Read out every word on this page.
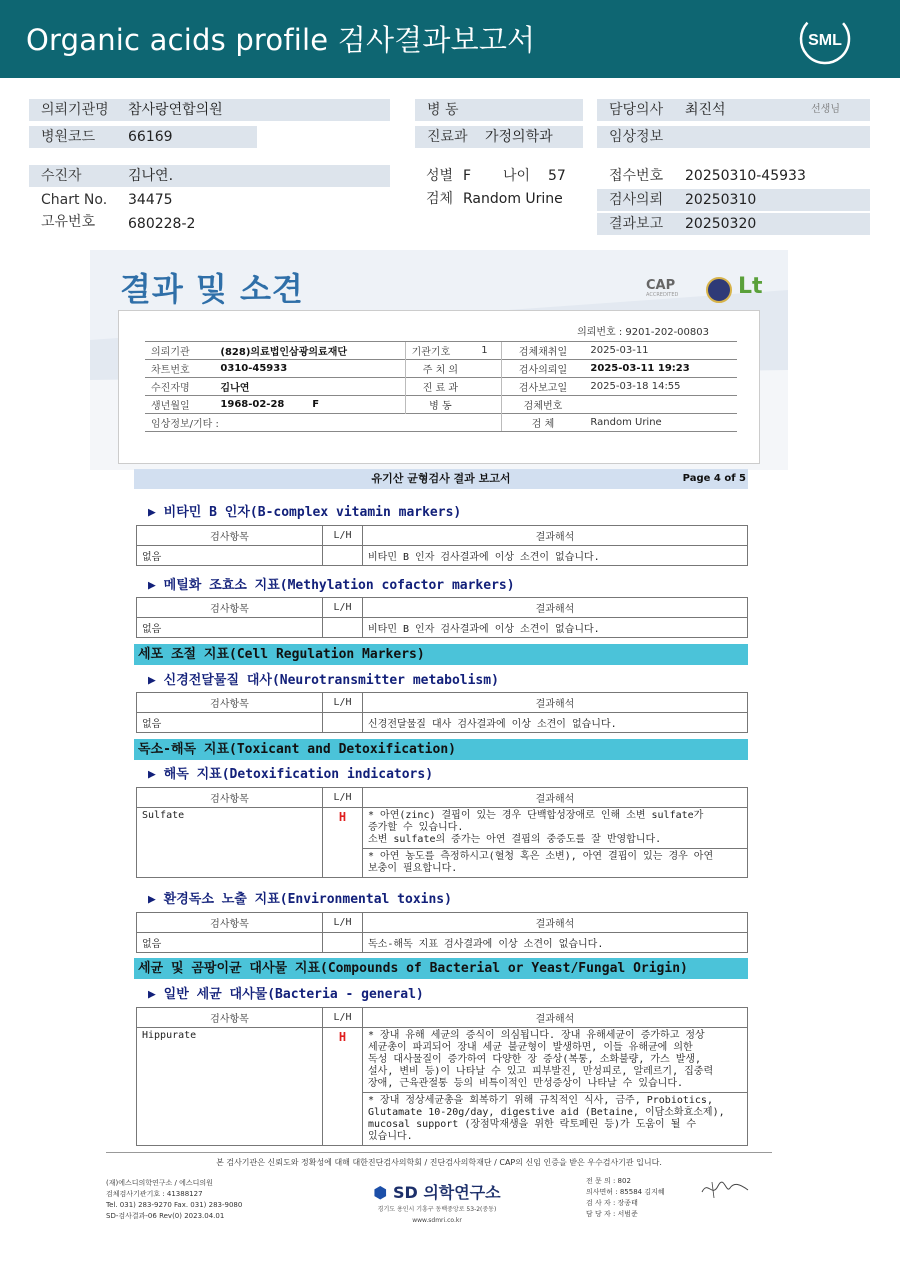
Organic acids profile 검사결과보고서	SML
의뢰기관명 참사랑연합의원	병 동	담당의사 최진석	선생님
병원코드 66169	진료과 가정의학과	임상정보
수진자	김나연.	성별 F 나이 57	접수번호 20250310-45933
Chart No. 34475	검체 Random Urine	검사의뢰 20250310
고유번호 680228-2	결과보고 20250320
결과 및 소견	CAP
ACCREDITED	Lt
의뢰번호 : 9201-202-00803
의뢰기관	(828)의료법인삼광의료재단	기관기호	1	검체채취일	2025-03-11
차트번호	0310-45933	주 치 의		검사의뢰일	2025-03-11 19:23
수진자명	김나연	진 료 과		검사보고일	2025-03-18 14:55
생년월일	1968-02-28 F	병 동		검체번호	
임상정보/기타 :				검 체	Random Urine
유기산 균형검사 결과 보고서	Page 4 of 5
▶ 비타민 B 인자(B-complex vitamin markers)
검사항목	L/H	결과해석
없음		비타민 B 인자 검사결과에 이상 소견이 없습니다.
▶ 메틸화 조효소 지표(Methylation cofactor markers)
검사항목	L/H	결과해석
없음		비타민 B 인자 검사결과에 이상 소견이 없습니다.
세포 조절 지표(Cell Regulation Markers)
▶ 신경전달물질 대사(Neurotransmitter metabolism)
검사항목	L/H	결과해석
없음		신경전달물질 대사 검사결과에 이상 소견이 없습니다.
독소-해독 지표(Toxicant and Detoxification)
▶ 해독 지표(Detoxification indicators)
검사항목	L/H	결과해석
Sulfate	H	* 아연(zinc) 결핍이 있는 경우 단백합성장애로 인해 소변 sulfate가
증가할 수 있습니다.
소변 sulfate의 증가는 아연 결핍의 중증도를 잘 반영합니다.

		* 아연 농도를 측정하시고(혈청 혹은 소변), 아연 결핍이 있는 경우 아연
보충이 필요합니다.
▶ 환경독소 노출 지표(Environmental toxins)
검사항목	L/H	결과해석
없음		독소-해독 지표 검사결과에 이상 소견이 없습니다.
세균 및 곰팡이균 대사물 지표(Compounds of Bacterial or Yeast/Fungal Origin)
▶ 일반 세균 대사물(Bacteria - general)
검사항목	L/H	결과해석
Hippurate	H	* 장내 유해 세균의 증식이 의심됩니다. 장내 유해세균이 증가하고 정상
세균총이 파괴되어 장내 세균 불균형이 발생하면, 이들 유해균에 의한
독성 대사물질이 증가하여 다양한 장 증상(복통, 소화불량, 가스 발생,
설사, 변비 등)이 나타날 수 있고 피부발진, 만성피로, 알레르기, 집중력
장애, 근육관절통 등의 비특이적인 만성증상이 나타날 수 있습니다.

		* 장내 정상세균총을 회복하기 위해 규칙적인 식사, 금주, Probiotics,
Glutamate 10-20g/day, digestive aid (Betaine, 이담소화효소제),
mucosal support (장점막재생을 위한 락토페린 등)가 도움이 될 수
있습니다.
본 검사기관은 신뢰도와 정확성에 대해 대한진단검사의학회 / 진단검사의학재단 / CAP의 신임 인증을 받은 우수검사기관 입니다.
(재)에스디의학연구소 / 에스디의원
검체검사기관기호 : 41388127
Tel. 031) 283-9270 Fax. 031) 283-9080
SD-검사결과-06 Rev(0) 2023.04.01
⬢ SD 의학연구소
경기도 용인시 기흥구 동백중앙로 53-2(중동)
www.sdmri.co.kr
전 문 의 : 802
의사면허 : 85584 김지혜
검 사 자 : 장종태
담 당 자 : 서범준
